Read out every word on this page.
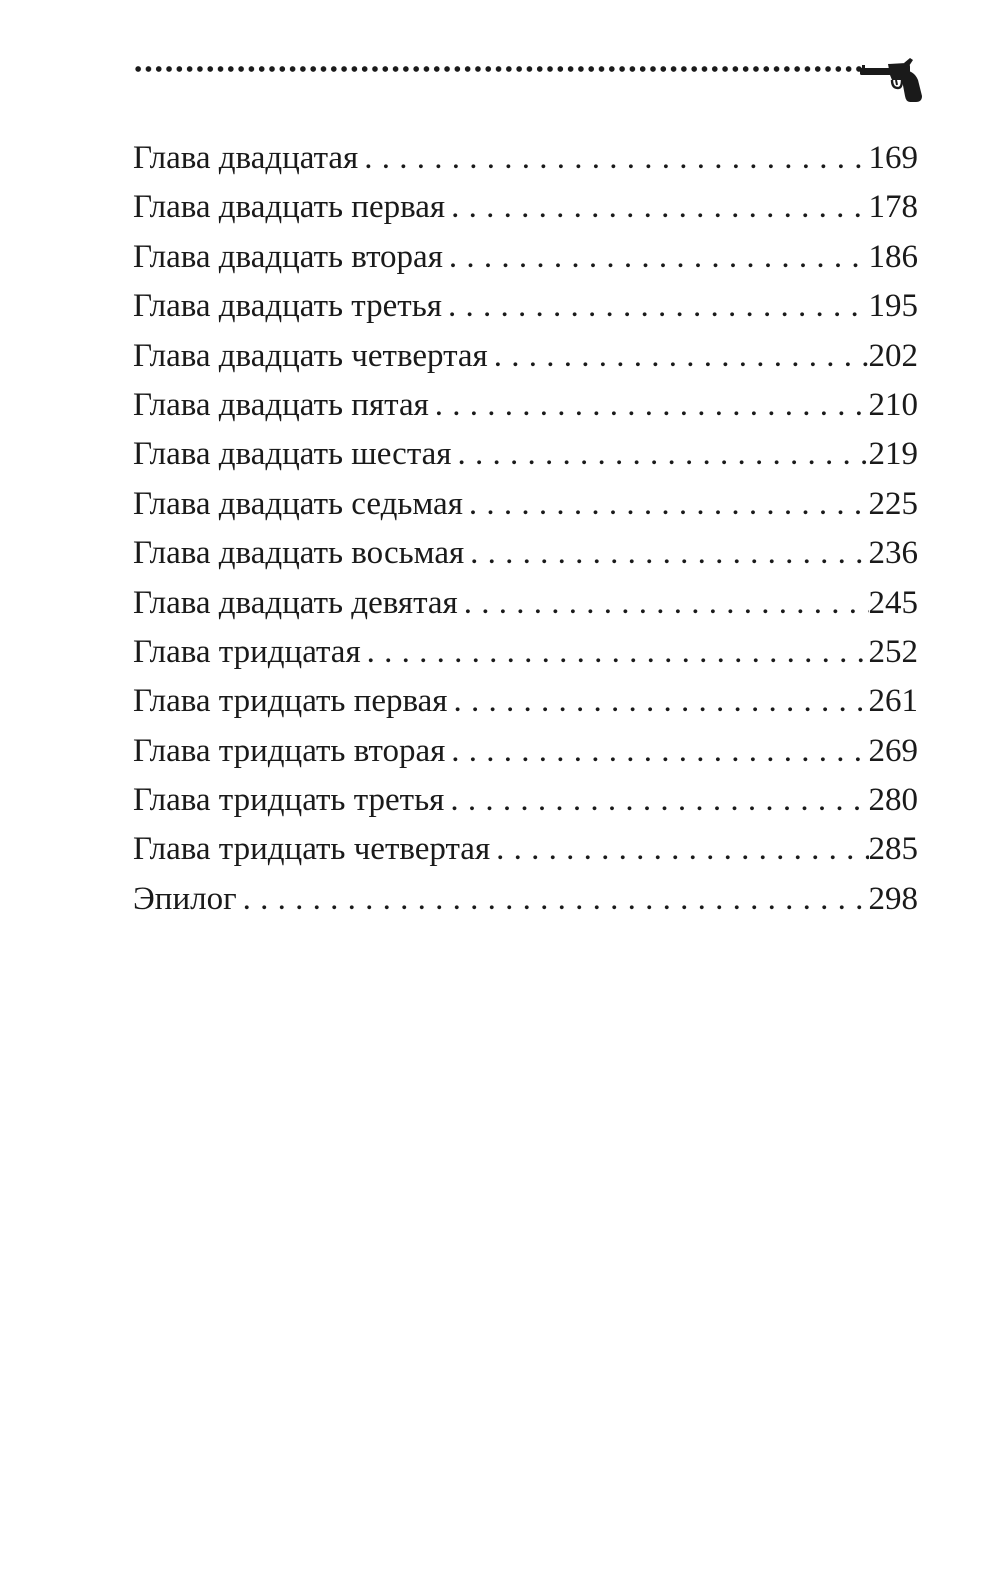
Глава двадцатая . . .	169
Глава двадцать первая . . .	178
Глава двадцать вторая . . .	186
Глава двадцать третья . . .	195
Глава двадцать четвертая . . .	202
Глава двадцать пятая . . .	210
Глава двадцать шестая . . .	219
Глава двадцать седьмая . . .	225
Глава двадцать восьмая . . .	236
Глава двадцать девятая . . .	245
Глава тридцатая . . .	252
Глава тридцать первая . . .	261
Глава тридцать вторая . . .	269
Глава тридцать третья . . .	280
Глава тридцать четвертая . . .	285
Эпилог . . .	298
